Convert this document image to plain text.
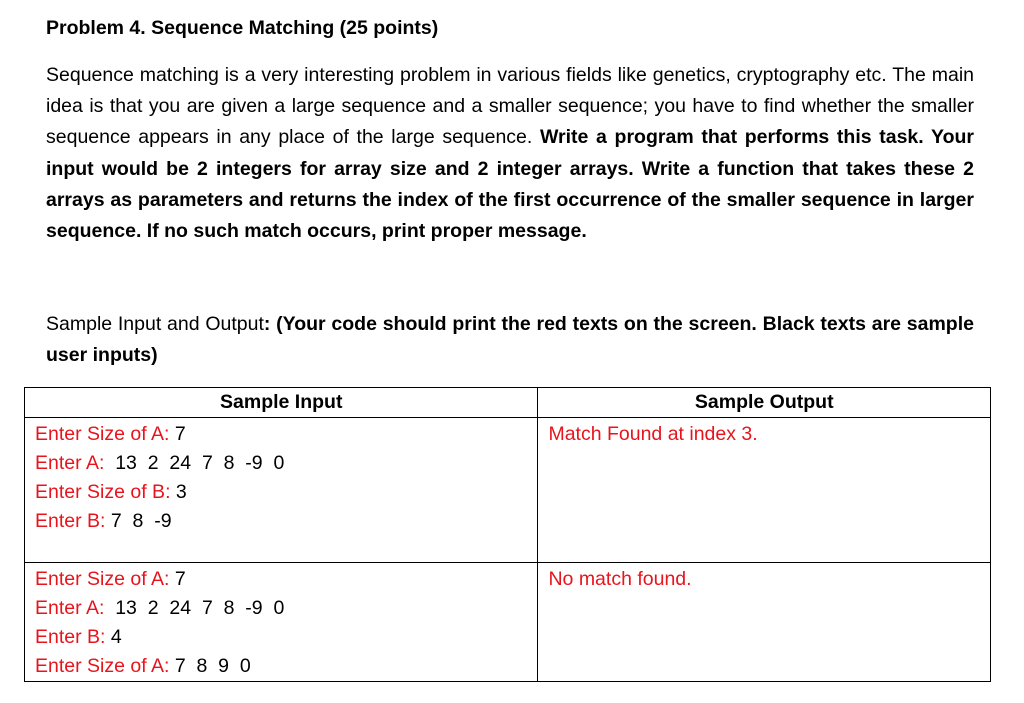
Problem 4. Sequence Matching (25 points)

Sequence matching is a very interesting problem in various fields like genetics, cryptography etc. The main idea is that you are given a large sequence and a smaller sequence; you have to find whether the smaller sequence appears in any place of the large sequence. Write a program that performs this task. Your input would be 2 integers for array size and 2 integer arrays. Write a function that takes these 2 arrays as parameters and returns the index of the first occurrence of the smaller sequence in larger sequence. If no such match occurs, print proper message.

Sample Input and Output: (Your code should print the red texts on the screen. Black texts are sample user inputs)
Sample Input	Sample Output

Enter Size of A: 7
Enter A:  13  2  24  7  8  -9  0
Enter Size of B: 3
Enter B: 7  8  -9	Match Found at index 3.

Enter Size of A: 7
Enter A:  13  2  24  7  8  -9  0
Enter B: 4
Enter Size of A: 7  8  9  0	No match found.
